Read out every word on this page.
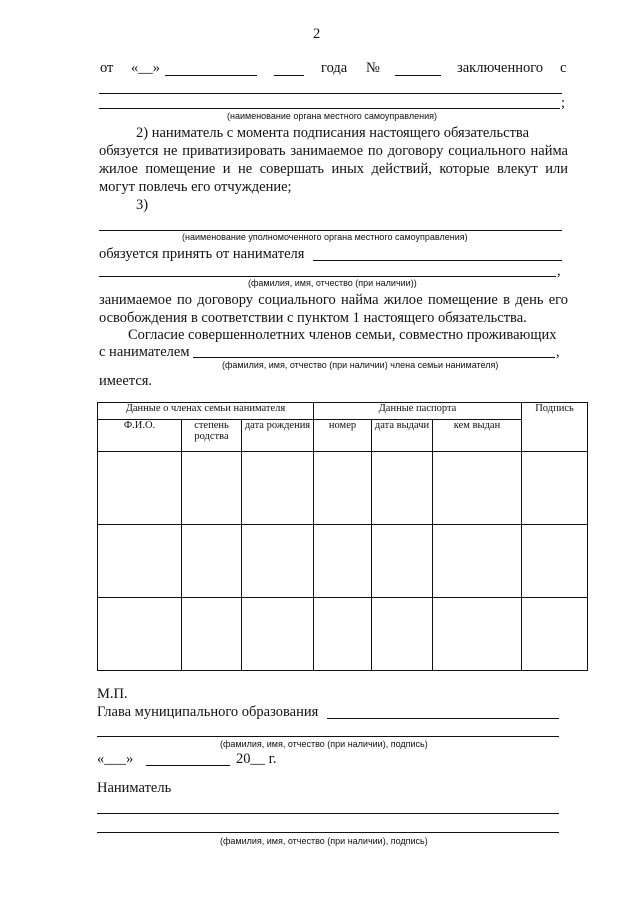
2
от «__»	года №	заключенного с
;
(наименование органа местного самоуправления)
2) наниматель с момента подписания настоящего обязательства
обязуется не приватизировать занимаемое по договору социального найма
жилое помещение и не совершать иных действий, которые влекут или
могут повлечь его отчуждение;
3)
(наименование уполномоченного органа местного самоуправления)
обязуется принять от нанимателя
,
(фамилия, имя, отчество (при наличии))
занимаемое по договору социального найма жилое помещение в день его
освобождения в соответствии с пунктом 1 настоящего обязательства.
Согласие совершеннолетних членов семьи, совместно проживающих
с нанимателем	,
(фамилия, имя, отчество (при наличии) члена семьи нанимателя)
имеется.
Данные о членах семьи нанимателя			Данные паспорта			Подпись
Ф.И.О.	степень родства	дата рождения	номер	дата выдачи	кем выдан	

М.П.
Глава муниципального образования
(фамилия, имя, отчество (при наличии), подпись)
«___»	20__ г.
Наниматель
(фамилия, имя, отчество (при наличии), подпись)
